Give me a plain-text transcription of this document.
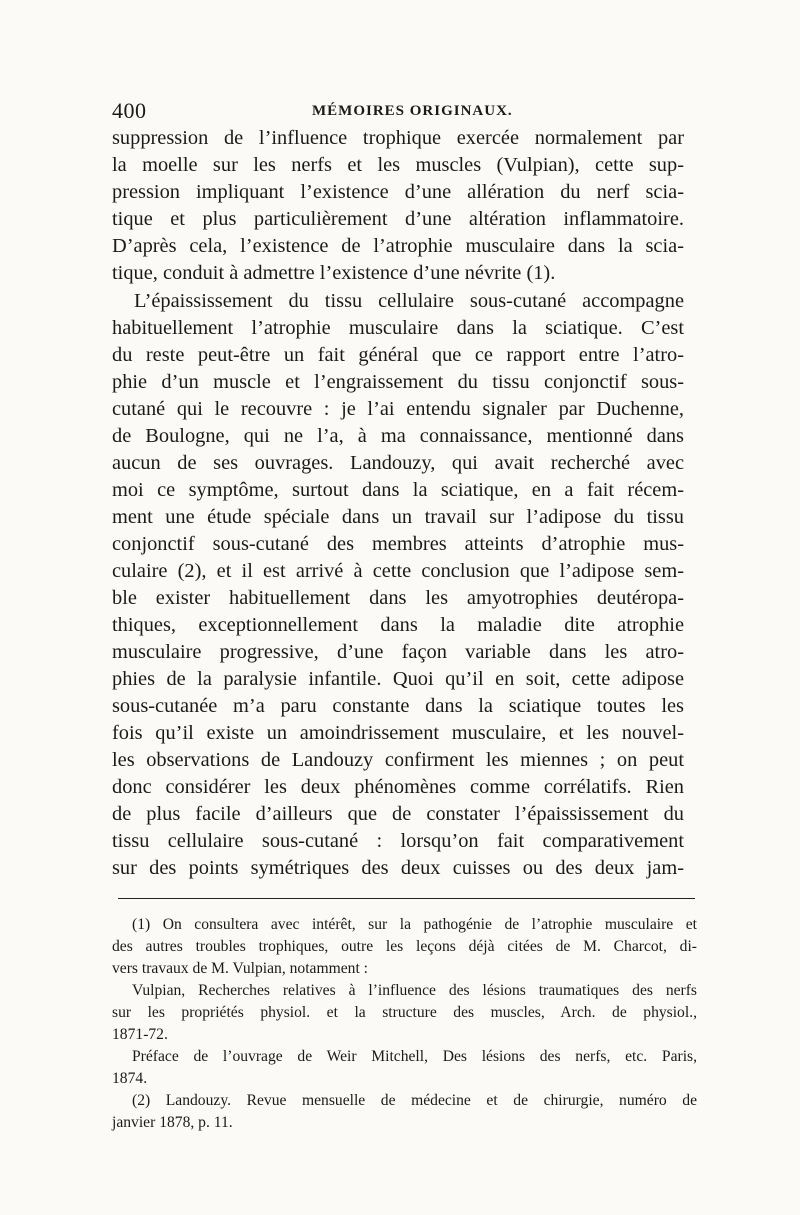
400	MÉMOIRES ORIGINAUX.
suppression de l’influence trophique exercée normalement par
la moelle sur les nerfs et les muscles (Vulpian), cette sup-
pression impliquant l’existence d’une allération du nerf scia-
tique et plus particulièrement d’une altération inflammatoire.
D’après cela, l’existence de l’atrophie musculaire dans la scia-
tique, conduit à admettre l’existence d’une névrite (1).
L’épaississement du tissu cellulaire sous-cutané accompagne
habituellement l’atrophie musculaire dans la sciatique. C’est
du reste peut-être un fait général que ce rapport entre l’atro-
phie d’un muscle et l’engraissement du tissu conjonctif sous-
cutané qui le recouvre : je l’ai entendu signaler par Duchenne,
de Boulogne, qui ne l’a, à ma connaissance, mentionné dans
aucun de ses ouvrages. Landouzy, qui avait recherché avec
moi ce symptôme, surtout dans la sciatique, en a fait récem-
ment une étude spéciale dans un travail sur l’adipose du tissu
conjonctif sous-cutané des membres atteints d’atrophie mus-
culaire (2), et il est arrivé à cette conclusion que l’adipose sem-
ble exister habituellement dans les amyotrophies deutéropa-
thiques, exceptionnellement dans la maladie dite atrophie
musculaire progressive, d’une façon variable dans les atro-
phies de la paralysie infantile. Quoi qu’il en soit, cette adipose
sous-cutanée m’a paru constante dans la sciatique toutes les
fois qu’il existe un amoindrissement musculaire, et les nouvel-
les observations de Landouzy confirment les miennes ; on peut
donc considérer les deux phénomènes comme corrélatifs. Rien
de plus facile d’ailleurs que de constater l’épaississement du
tissu cellulaire sous-cutané : lorsqu’on fait comparativement
sur des points symétriques des deux cuisses ou des deux jam-
(1) On consultera avec intérêt, sur la pathogénie de l’atrophie musculaire et
des autres troubles trophiques, outre les leçons déjà citées de M. Charcot, di-
vers travaux de M. Vulpian, notamment :
Vulpian, Recherches relatives à l’influence des lésions traumatiques des nerfs
sur les propriétés physiol. et la structure des muscles, Arch. de physiol.,
1871-72.
Préface de l’ouvrage de Weir Mitchell, Des lésions des nerfs, etc. Paris,
1874.
(2) Landouzy. Revue mensuelle de médecine et de chirurgie, numéro de
janvier 1878, p. 11.
